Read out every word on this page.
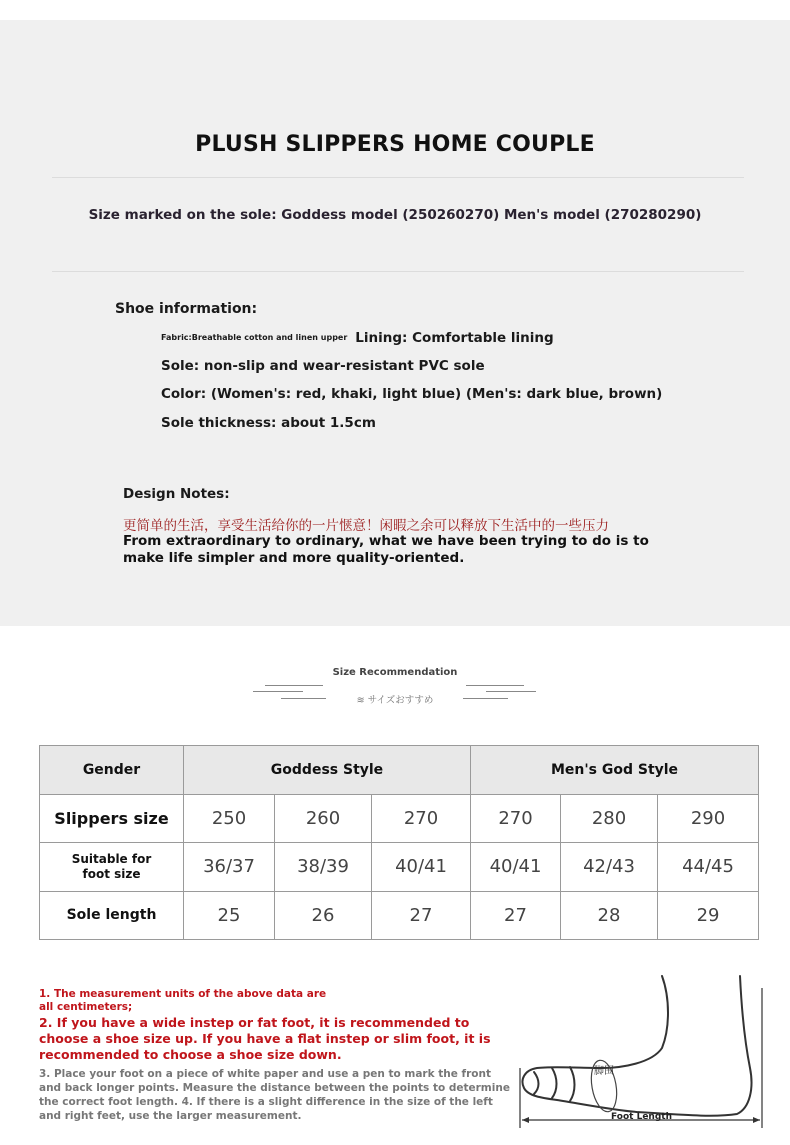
PLUSH SLIPPERS HOME COUPLE
Size marked on the sole: Goddess model (250260270) Men's model (270280290)
Shoe information:
Fabric:Breathable cotton and linen upper Lining: Comfortable lining
Sole: non-slip and wear-resistant PVC sole
Color: (Women's: red, khaki, light blue) (Men's: dark blue, brown)
Sole thickness: about 1.5cm
Design Notes:
更简单的生活，享受生活给你的一片惬意！闲暇之余可以释放下生活中的一些压力
From extraordinary to ordinary, what we have been trying to do is to make life simpler and more quality-oriented.
Size Recommendation
≋ サイズおすすめ
Gender	Goddess Style			Men's God Style		
Slippers size	250	260	270	270	280	290
Suitable for foot size	36/37	38/39	40/41	40/41	42/43	44/45
Sole length	25	26	27	27	28	29
1. The measurement units of the above data are all centimeters;
2. If you have a wide instep or fat foot, it is recommended to choose a shoe size up. If you have a flat instep or slim foot, it is recommended to choose a shoe size down.
3. Place your foot on a piece of white paper and use a pen to mark the front and back longer points. Measure the distance between the points to determine the correct foot length. 4. If there is a slight difference in the size of the left and right feet, use the larger measurement.
脚围
Foot Length
